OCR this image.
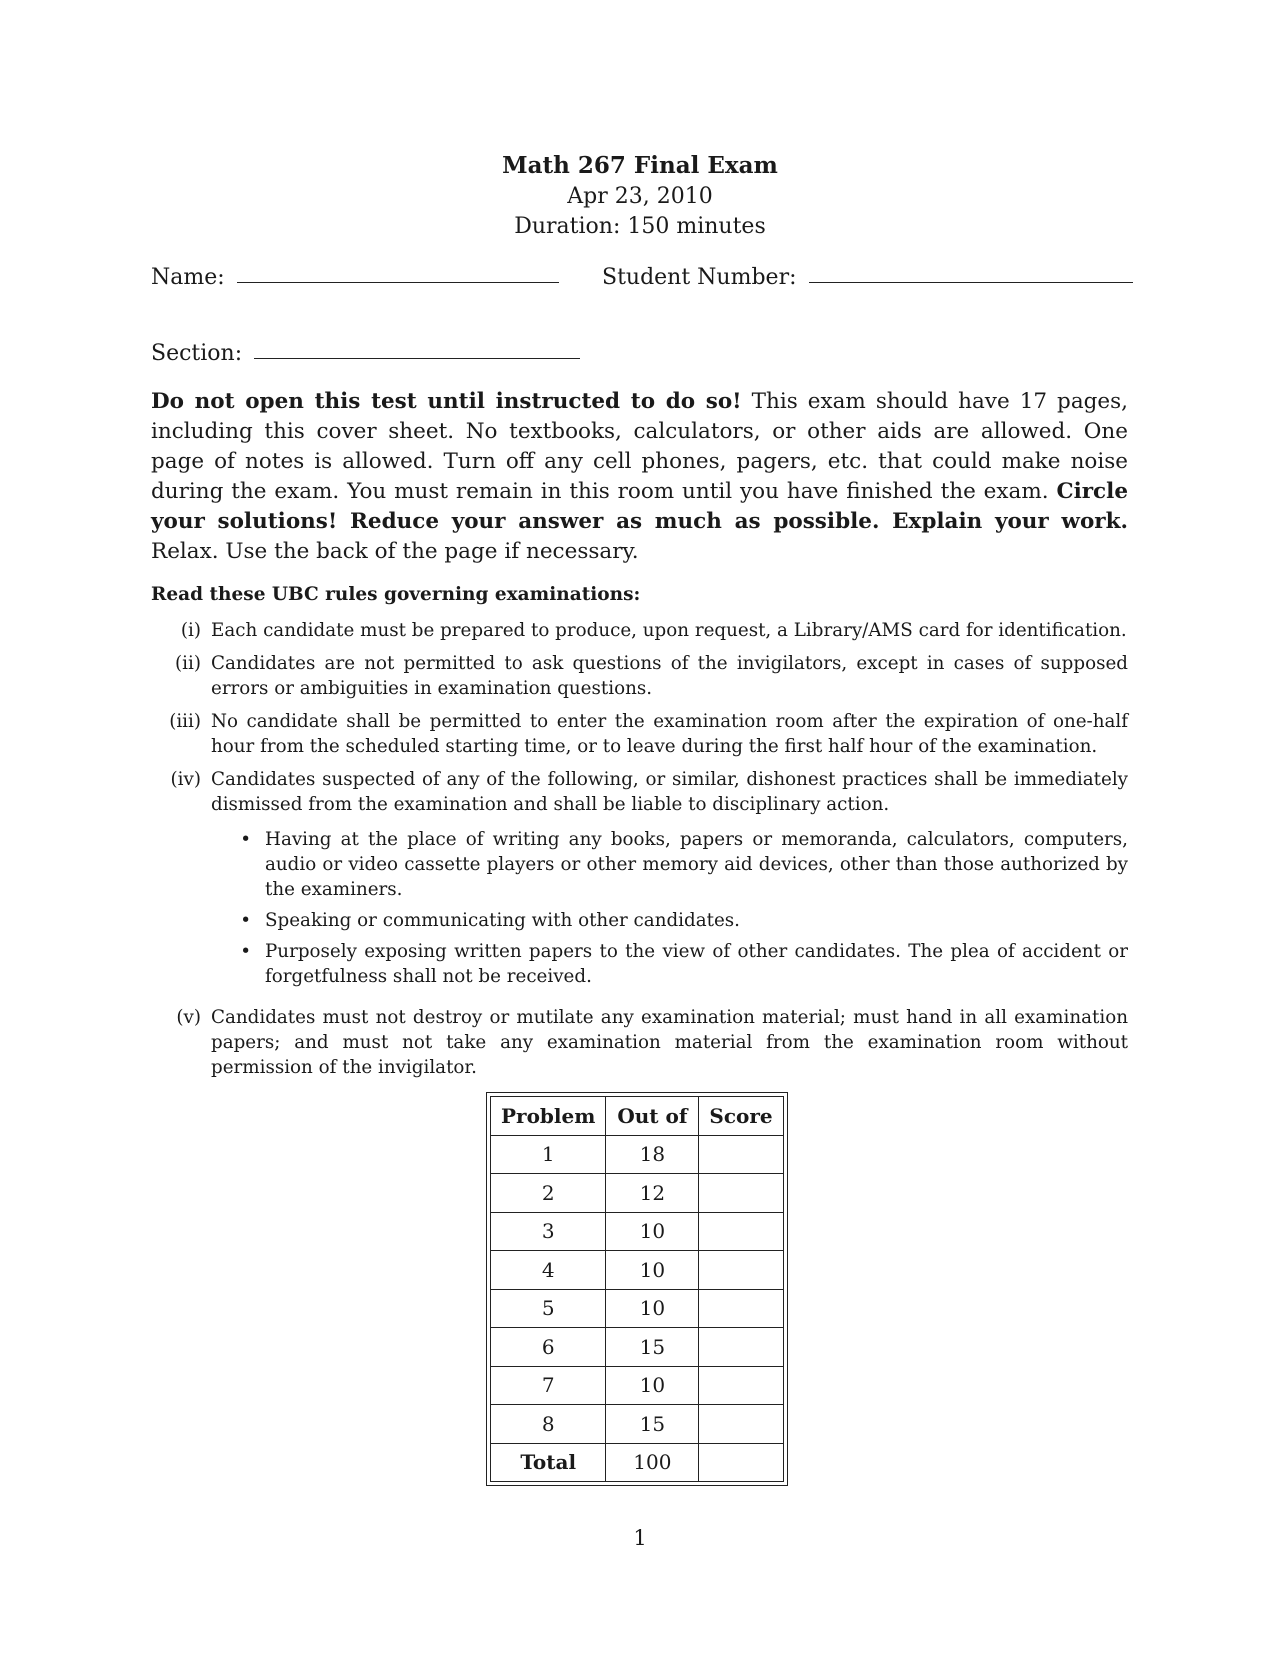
Math 267 Final Exam
Apr 23, 2010
Duration: 150 minutes
Name:	Student Number:
Section:
Do not open this test until instructed to do so! This exam should have 17 pages, including this cover sheet. No textbooks, calculators, or other aids are allowed. One page of notes is allowed. Turn off any cell phones, pagers, etc. that could make noise during the exam. You must remain in this room until you have finished the exam. Circle your solutions! Reduce your answer as much as possible. Explain your work. Relax. Use the back of the page if necessary.
Read these UBC rules governing examinations:
(i) Each candidate must be prepared to produce, upon request, a Library/AMS card for identification.
(ii) Candidates are not permitted to ask questions of the invigilators, except in cases of supposed errors or ambiguities in examination questions.
(iii) No candidate shall be permitted to enter the examination room after the expiration of one-half hour from the scheduled starting time, or to leave during the first half hour of the examination.
(iv) Candidates suspected of any of the following, or similar, dishonest practices shall be immediately dismissed from the examination and shall be liable to disciplinary action.
• Having at the place of writing any books, papers or memoranda, calculators, computers, audio or video cassette players or other memory aid devices, other than those authorized by the examiners.
• Speaking or communicating with other candidates.
• Purposely exposing written papers to the view of other candidates. The plea of accident or forgetfulness shall not be received.
(v) Candidates must not destroy or mutilate any examination material; must hand in all examination papers; and must not take any examination material from the examination room without permission of the invigilator.
Problem	Out of	Score
1	18	
2	12	
3	10	
4	10	
5	10	
6	15	
7	10	
8	15	
Total	100	
1
